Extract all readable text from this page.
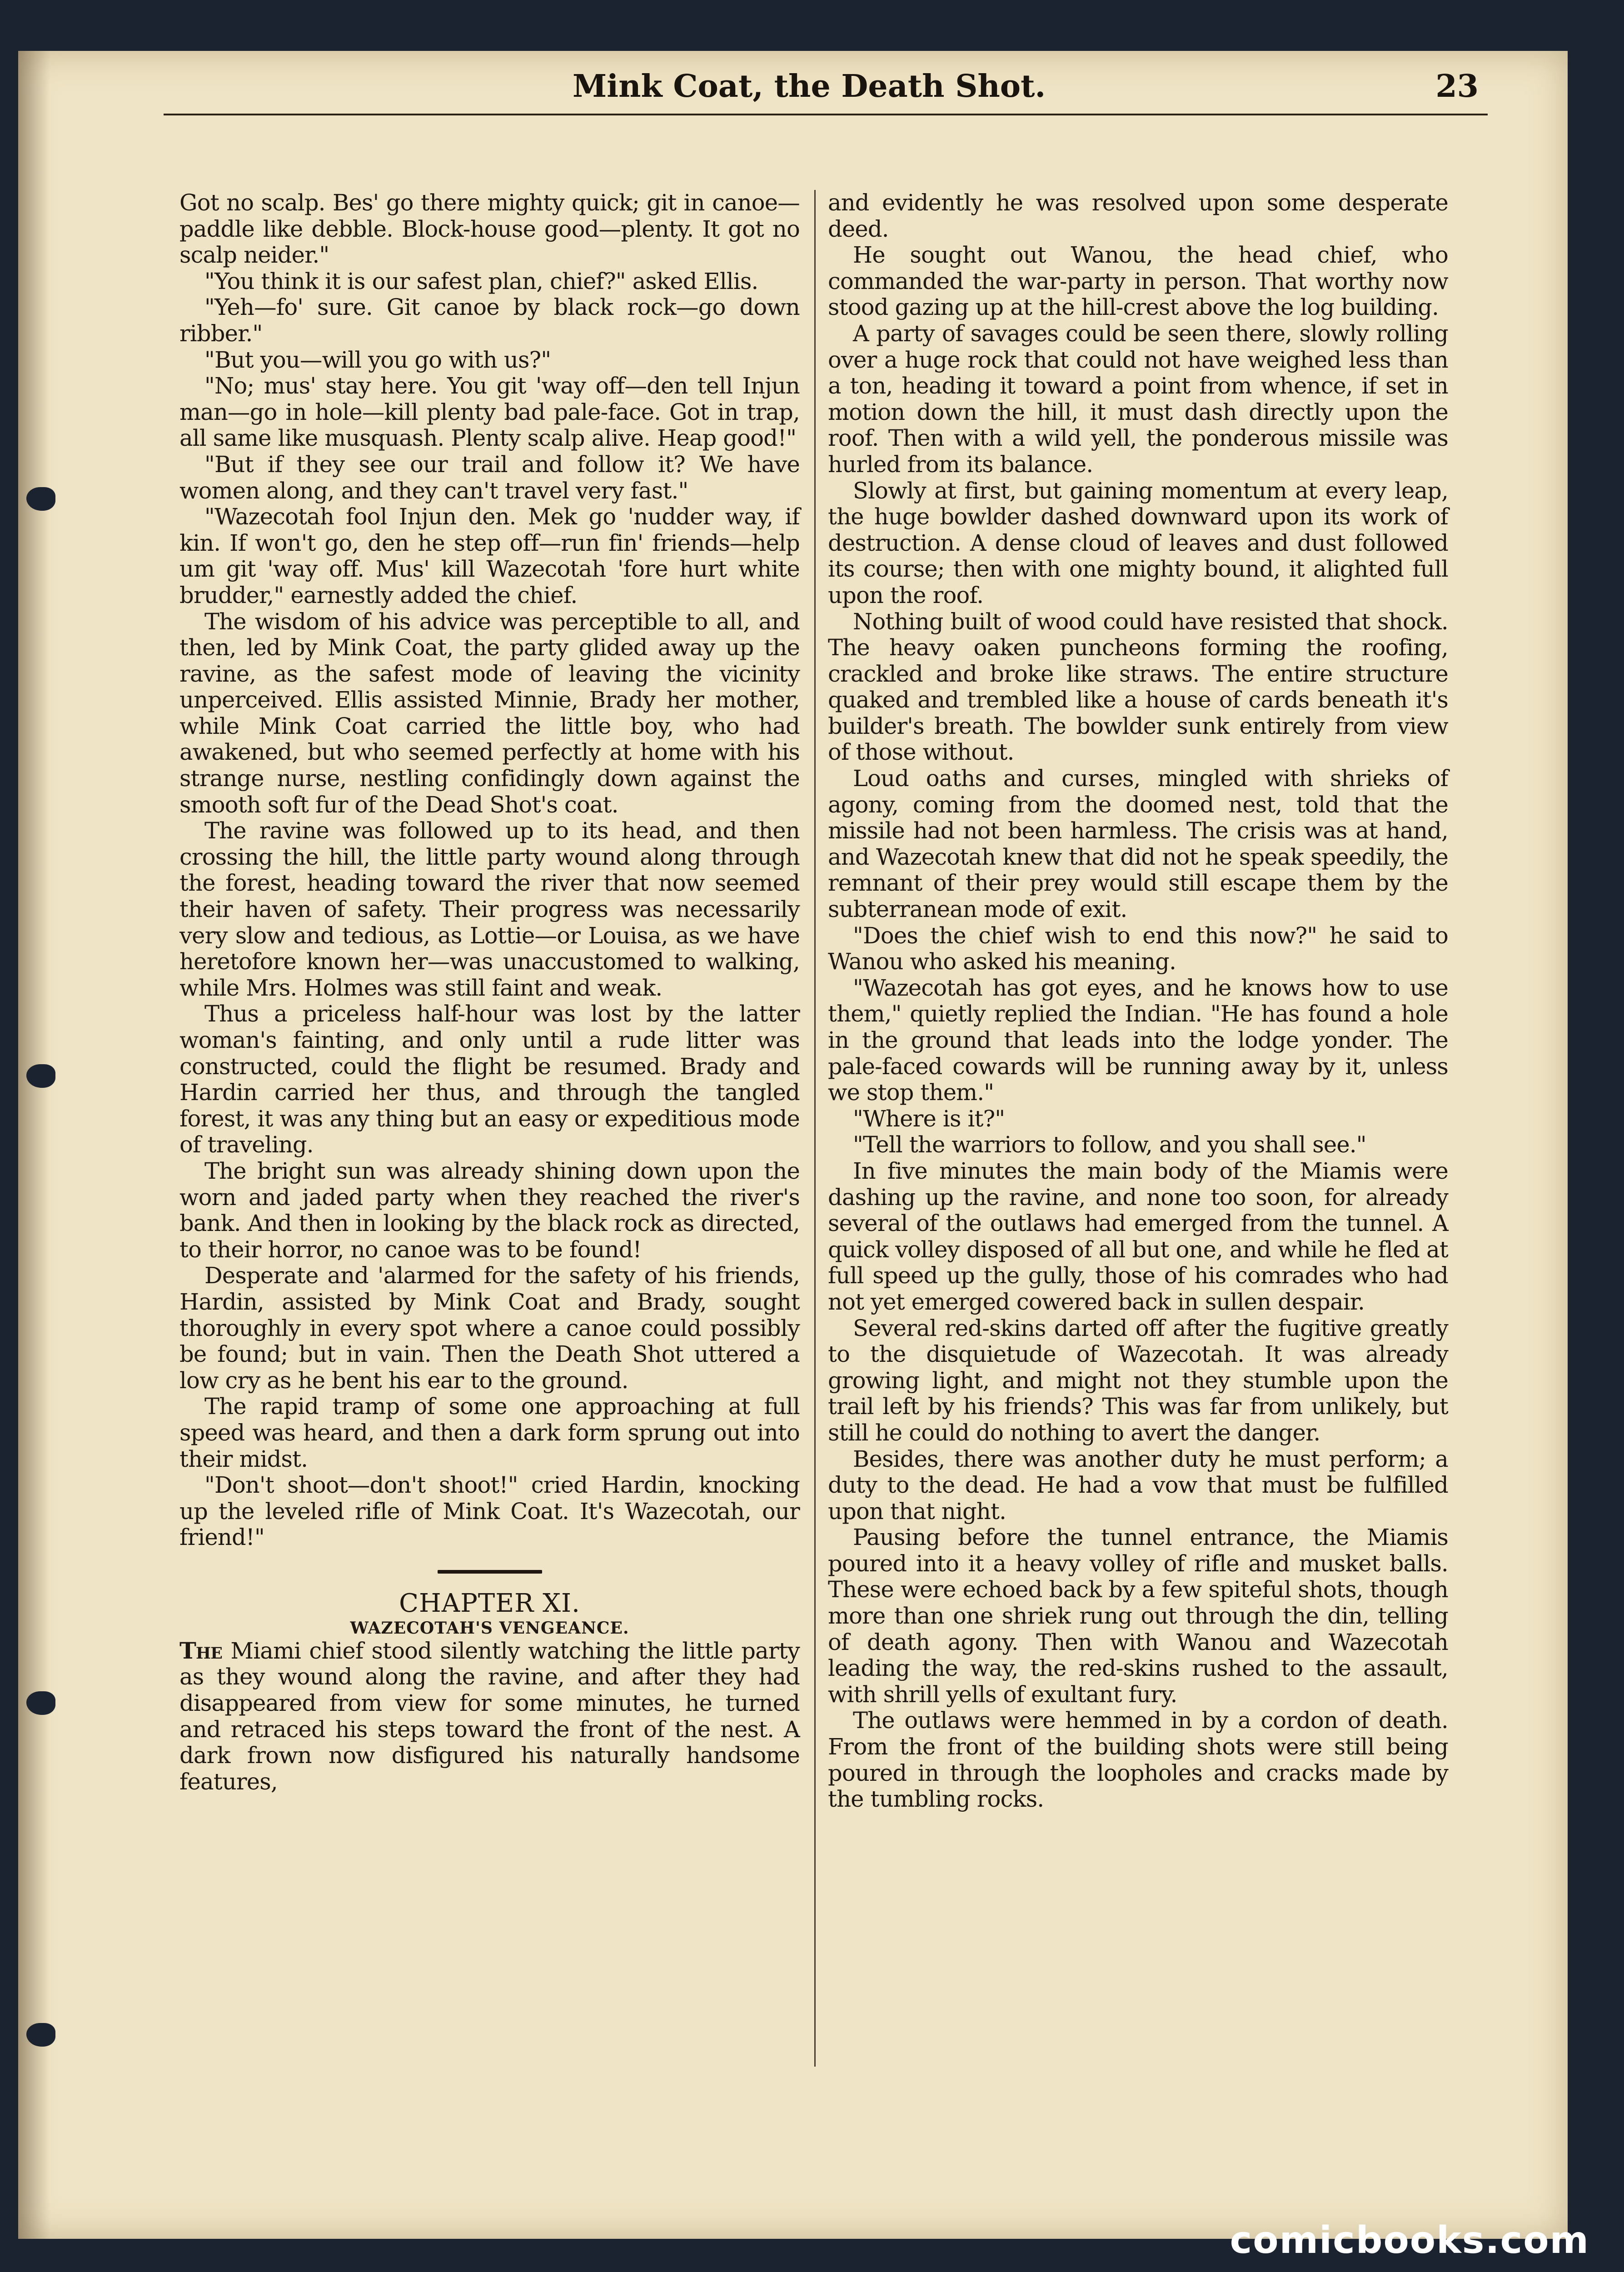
Mink Coat, the Death Shot.	23

Got no scalp. Bes' go there mighty quick; git in canoe—paddle like debble. Block-house good—plenty. It got no scalp neider."

"You think it is our safest plan, chief?" asked Ellis.

"Yeh—fo' sure. Git canoe by black rock—go down ribber."

"But you—will you go with us?"

"No; mus' stay here. You git 'way off—den tell Injun man—go in hole—kill plenty bad pale-face. Got in trap, all same like musquash. Plenty scalp alive. Heap good!"

"But if they see our trail and follow it? We have women along, and they can't travel very fast."

"Wazecotah fool Injun den. Mek go 'nudder way, if kin. If won't go, den he step off—run fin' friends—help um git 'way off. Mus' kill Wazecotah 'fore hurt white brudder," earnestly added the chief.

The wisdom of his advice was perceptible to all, and then, led by Mink Coat, the party glided away up the ravine, as the safest mode of leaving the vicinity unperceived. Ellis assisted Minnie, Brady her mother, while Mink Coat carried the little boy, who had awakened, but who seemed perfectly at home with his strange nurse, nestling confidingly down against the smooth soft fur of the Dead Shot's coat.

The ravine was followed up to its head, and then crossing the hill, the little party wound along through the forest, heading toward the river that now seemed their haven of safety. Their progress was necessarily very slow and tedious, as Lottie—or Louisa, as we have heretofore known her—was unaccustomed to walking, while Mrs. Holmes was still faint and weak.

Thus a priceless half-hour was lost by the latter woman's fainting, and only until a rude litter was constructed, could the flight be resumed. Brady and Hardin carried her thus, and through the tangled forest, it was any thing but an easy or expeditious mode of traveling.

The bright sun was already shining down upon the worn and jaded party when they reached the river's bank. And then in looking by the black rock as directed, to their horror, no canoe was to be found!

Desperate and 'alarmed for the safety of his friends, Hardin, assisted by Mink Coat and Brady, sought thoroughly in every spot where a canoe could possibly be found; but in vain. Then the Death Shot uttered a low cry as he bent his ear to the ground.

The rapid tramp of some one approaching at full speed was heard, and then a dark form sprung out into their midst.

"Don't shoot—don't shoot!" cried Hardin, knocking up the leveled rifle of Mink Coat. It's Wazecotah, our friend!"

CHAPTER XI.
WAZECOTAH'S VENGEANCE.

The Miami chief stood silently watching the little party as they wound along the ravine, and after they had disappeared from view for some minutes, he turned and retraced his steps toward the front of the nest. A dark frown now disfigured his naturally handsome features,

and evidently he was resolved upon some desperate deed.

He sought out Wanou, the head chief, who commanded the war-party in person. That worthy now stood gazing up at the hill-crest above the log building.

A party of savages could be seen there, slowly rolling over a huge rock that could not have weighed less than a ton, heading it toward a point from whence, if set in motion down the hill, it must dash directly upon the roof. Then with a wild yell, the ponderous missile was hurled from its balance.

Slowly at first, but gaining momentum at every leap, the huge bowlder dashed downward upon its work of destruction. A dense cloud of leaves and dust followed its course; then with one mighty bound, it alighted full upon the roof.

Nothing built of wood could have resisted that shock. The heavy oaken puncheons forming the roofing, crackled and broke like straws. The entire structure quaked and trembled like a house of cards beneath it's builder's breath. The bowlder sunk entirely from view of those without.

Loud oaths and curses, mingled with shrieks of agony, coming from the doomed nest, told that the missile had not been harmless. The crisis was at hand, and Wazecotah knew that did not he speak speedily, the remnant of their prey would still escape them by the subterranean mode of exit.

"Does the chief wish to end this now?" he said to Wanou who asked his meaning.

"Wazecotah has got eyes, and he knows how to use them," quietly replied the Indian. "He has found a hole in the ground that leads into the lodge yonder. The pale-faced cowards will be running away by it, unless we stop them."

"Where is it?"

"Tell the warriors to follow, and you shall see."

In five minutes the main body of the Miamis were dashing up the ravine, and none too soon, for already several of the outlaws had emerged from the tunnel. A quick volley disposed of all but one, and while he fled at full speed up the gully, those of his comrades who had not yet emerged cowered back in sullen despair.

Several red-skins darted off after the fugitive greatly to the disquietude of Wazecotah. It was already growing light, and might not they stumble upon the trail left by his friends? This was far from unlikely, but still he could do nothing to avert the danger.

Besides, there was another duty he must perform; a duty to the dead. He had a vow that must be fulfilled upon that night.

Pausing before the tunnel entrance, the Miamis poured into it a heavy volley of rifle and musket balls. These were echoed back by a few spiteful shots, though more than one shriek rung out through the din, telling of death agony. Then with Wanou and Wazecotah leading the way, the red-skins rushed to the assault, with shrill yells of exultant fury.

The outlaws were hemmed in by a cordon of death. From the front of the building shots were still being poured in through the loopholes and cracks made by the tumbling rocks.

comicbooks.com
